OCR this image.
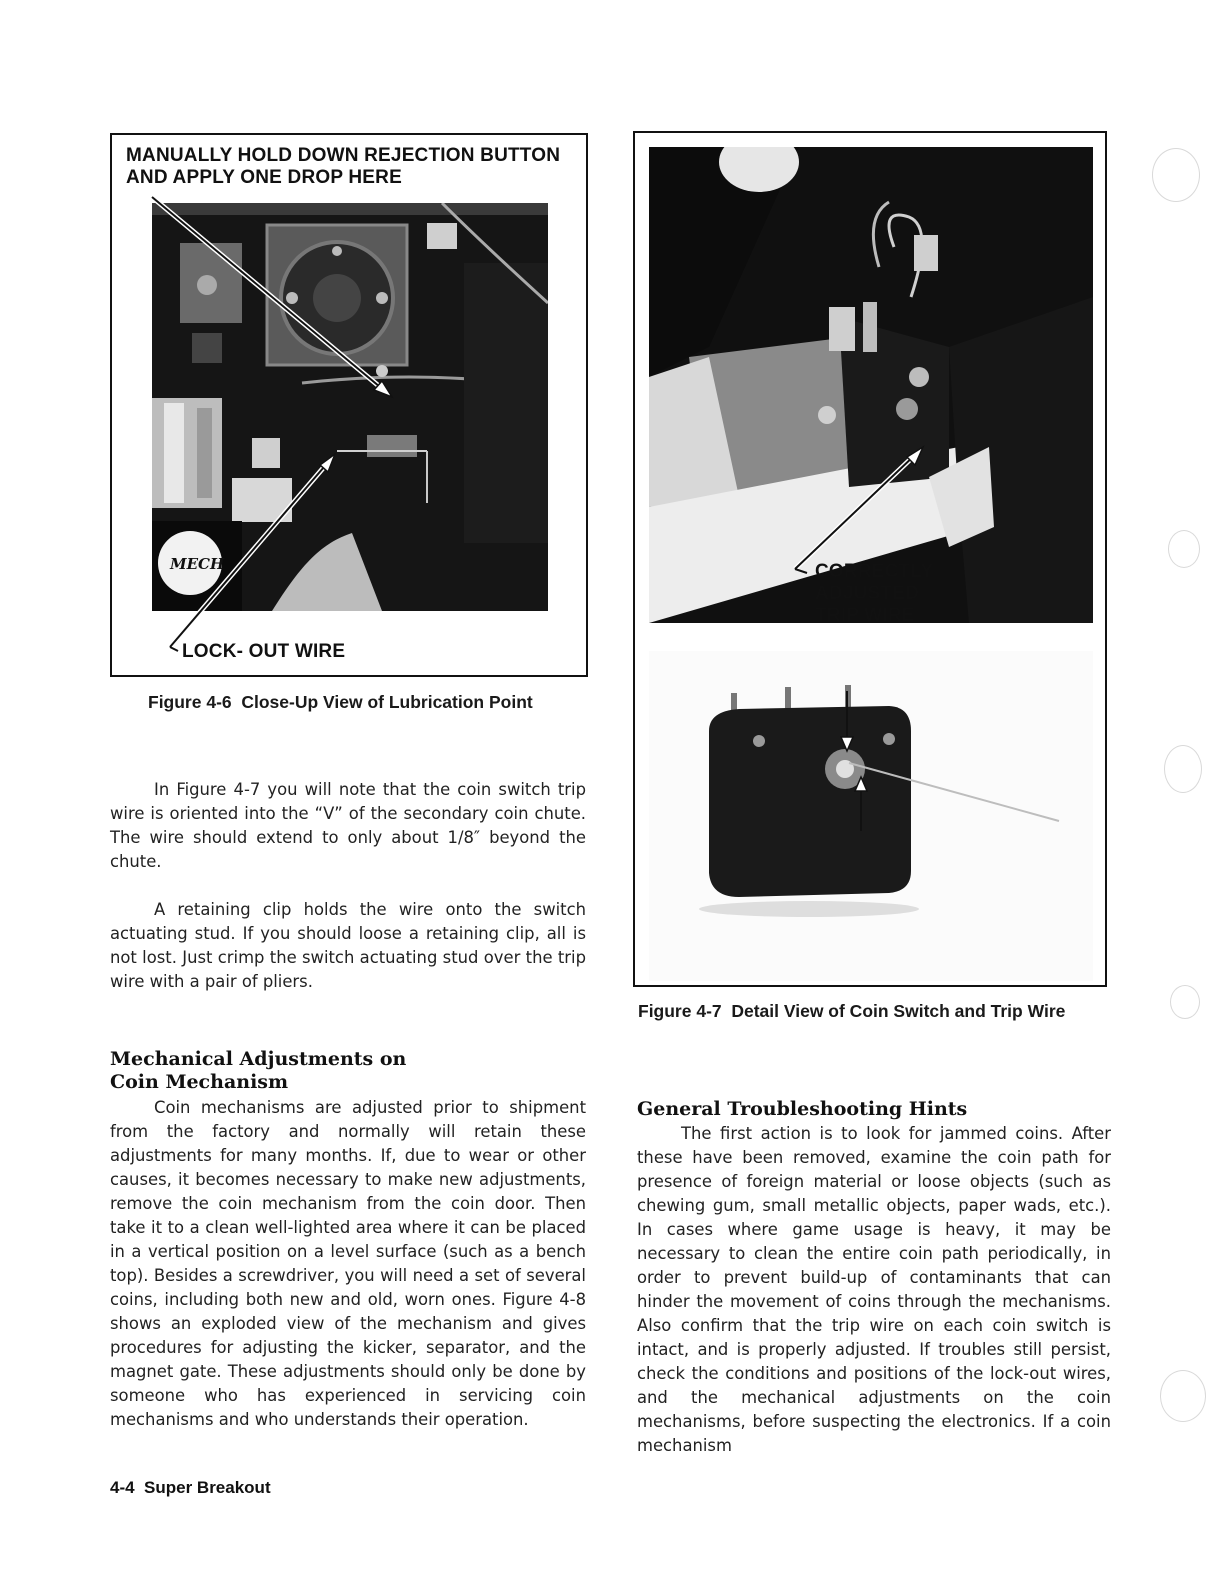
MANUALLY HOLD DOWN REJECTION BUTTON AND APPLY ONE DROP HERE
MECH
LOCK- OUT WIRE
Figure 4-6  Close-Up View of Lubrication Point
CORRECTLY ADJUSTED TRIP WIRE
Figure 4-7  Detail View of Coin Switch and Trip Wire

In Figure 4-7 you will note that the coin switch trip wire is oriented into the “V” of the secondary coin chute. The wire should extend to only about 1/8″ beyond the chute.

A retaining clip holds the wire onto the switch actuating stud. If you should loose a retaining clip, all is not lost. Just crimp the switch actuating stud over the trip wire with a pair of pliers.

Mechanical Adjustments on

Coin Mechanism

Coin mechanisms are adjusted prior to shipment from the factory and normally will retain these adjustments for many months. If, due to wear or other causes, it becomes necessary to make new adjustments, remove the coin mechanism from the coin door. Then take it to a clean well-lighted area where it can be placed in a vertical position on a level surface (such as a bench top). Besides a screwdriver, you will need a set of several coins, including both new and old, worn ones. Figure 4-8 shows an exploded view of the mechanism and gives procedures for adjusting the kicker, separator, and the magnet gate. These adjustments should only be done by someone who has experienced in servicing coin mechanisms and who understands their operation.

General Troubleshooting Hints

The first action is to look for jammed coins. After these have been removed, examine the coin path for presence of foreign material or loose objects (such as chewing gum, small metallic objects, paper wads, etc.). In cases where game usage is heavy, it may be necessary to clean the entire coin path periodically, in order to prevent build-up of contaminants that can hinder the movement of coins through the mechanisms. Also confirm that the trip wire on each coin switch is intact, and is properly adjusted. If troubles still persist, check the conditions and positions of the lock-out wires, and the mechanical adjustments on the coin mechanisms, before suspecting the electronics. If a coin mechanism

4-4  Super Breakout
